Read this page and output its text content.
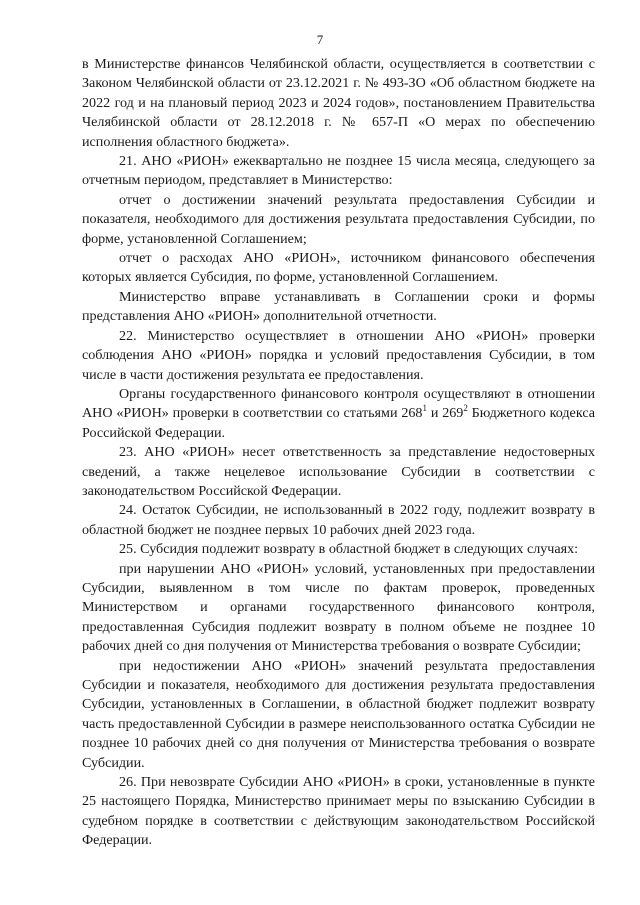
7

в Министерстве финансов Челябинской области, осуществляется в соответствии с Законом Челябинской области от 23.12.2021 г. № 493-ЗО «Об областном бюджете на 2022 год и на плановый период 2023 и 2024 годов», постановлением Правительства Челябинской области от 28.12.2018 г. № 657-П «О мерах по обеспечению исполнения областного бюджета».

21. АНО «РИОН» ежеквартально не позднее 15 числа месяца, следующего за отчетным периодом, представляет в Министерство:

отчет о достижении значений результата предоставления Субсидии и показателя, необходимого для достижения результата предоставления Субсидии, по форме, установленной Соглашением;

отчет о расходах АНО «РИОН», источником финансового обеспечения которых является Субсидия, по форме, установленной Соглашением.

Министерство вправе устанавливать в Соглашении сроки и формы представления АНО «РИОН» дополнительной отчетности.

22. Министерство осуществляет в отношении АНО «РИОН» проверки соблюдения АНО «РИОН» порядка и условий предоставления Субсидии, в том числе в части достижения результата ее предоставления.

Органы государственного финансового контроля осуществляют в отношении АНО «РИОН» проверки в соответствии со статьями $268^1$ и $269^2$ Бюджетного кодекса Российской Федерации.

23. АНО «РИОН» несет ответственность за представление недостоверных сведений, а также нецелевое использование Субсидии в соответствии с законодательством Российской Федерации.

24. Остаток Субсидии, не использованный в 2022 году, подлежит возврату в областной бюджет не позднее первых 10 рабочих дней 2023 года.

25. Субсидия подлежит возврату в областной бюджет в следующих случаях:

при нарушении АНО «РИОН» условий, установленных при предоставлении Субсидии, выявленном в том числе по фактам проверок, проведенных Министерством и органами государственного финансового контроля, предоставленная Субсидия подлежит возврату в полном объеме не позднее 10 рабочих дней со дня получения от Министерства требования о возврате Субсидии;

при недостижении АНО «РИОН» значений результата предоставления Субсидии и показателя, необходимого для достижения результата предоставления Субсидии, установленных в Соглашении, в областной бюджет подлежит возврату часть предоставленной Субсидии в размере неиспользованного остатка Субсидии не позднее 10 рабочих дней со дня получения от Министерства требования о возврате Субсидии.

26. При невозврате Субсидии АНО «РИОН» в сроки, установленные в пункте 25 настоящего Порядка, Министерство принимает меры по взысканию Субсидии в судебном порядке в соответствии с действующим законодательством Российской Федерации.
